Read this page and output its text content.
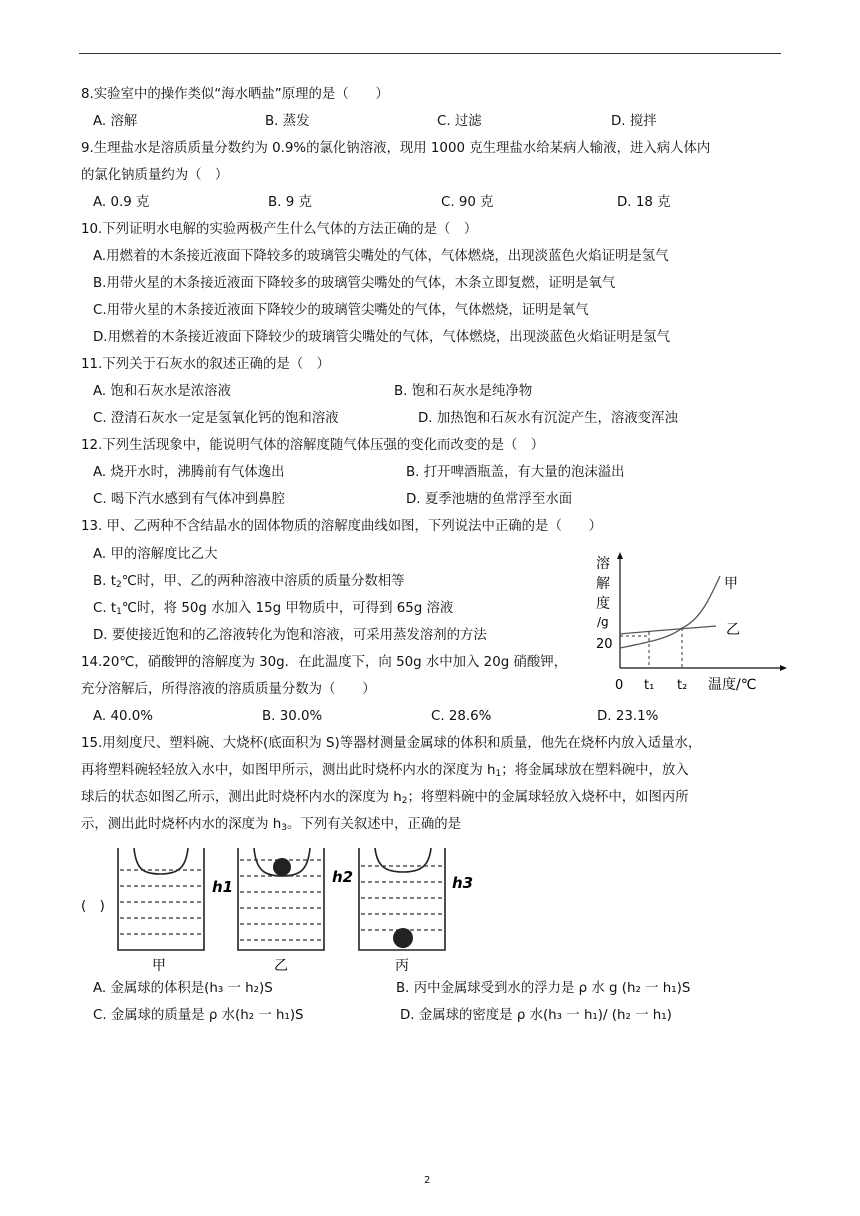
8.实验室中的操作类似“海水晒盐”原理的是（　　）
A. 溶解	B. 蒸发	C. 过滤	D. 搅拌
9.生理盐水是溶质质量分数约为 0.9%的氯化钠溶液，现用 1000 克生理盐水给某病人输液，进入病人体内
的氯化钠质量约为（　）
A. 0.9 克	B. 9 克	C. 90 克	D. 18 克
10.下列证明水电解的实验两极产生什么气体的方法正确的是（　）
A.用燃着的木条接近液面下降较多的玻璃管尖嘴处的气体，气体燃烧，出现淡蓝色火焰证明是氢气
B.用带火星的木条接近液面下降较多的玻璃管尖嘴处的气体，木条立即复燃，证明是氧气
C.用带火星的木条接近液面下降较少的玻璃管尖嘴处的气体，气体燃烧，证明是氧气
D.用燃着的木条接近液面下降较少的玻璃管尖嘴处的气体，气体燃烧，出现淡蓝色火焰证明是氢气
11.下列关于石灰水的叙述正确的是（　）
A. 饱和石灰水是浓溶液	B. 饱和石灰水是纯净物
C. 澄清石灰水一定是氢氧化钙的饱和溶液	D. 加热饱和石灰水有沉淀产生，溶液变浑浊
12.下列生活现象中，能说明气体的溶解度随气体压强的变化而改变的是（　）
A. 烧开水时，沸腾前有气体逸出	B. 打开啤酒瓶盖，有大量的泡沫溢出
C. 喝下汽水感到有气体冲到鼻腔	D. 夏季池塘的鱼常浮至水面
13. 甲、乙两种不含结晶水的固体物质的溶解度曲线如图，下列说法中正确的是（　　）
A. 甲的溶解度比乙大
B. $t_2℃$时，甲、乙的两种溶液中溶质的质量分数相等
C. $t_1℃$时，将 50g 水加入 15g 甲物质中，可得到 65g 溶液
D. 要使接近饱和的乙溶液转化为饱和溶液，可采用蒸发溶剂的方法
溶
解
度
/g
20
甲
乙
0 t₁ t₂ 温度/℃
14.20℃，硝酸钾的溶解度为 30g．在此温度下，向 50g 水中加入 20g 硝酸钾，
充分溶解后，所得溶液的溶质质量分数为（　　）
A. 40.0%	B. 30.0%	C. 28.6%	D. 23.1%
15.用刻度尺、塑料碗、大烧杯(底面积为 S)等器材测量金属球的体积和质量，他先在烧杯内放入适量水，
再将塑料碗轻轻放入水中，如图甲所示，测出此时烧杯内水的深度为 $h_1$；将金属球放在塑料碗中，放入
球后的状态如图乙所示，测出此时烧杯内水的深度为 $h_2$；将塑料碗中的金属球轻放入烧杯中，如图丙所
示，测出此时烧杯内水的深度为 $h_3$。下列有关叙述中，正确的是
(　)
h1
h2	h3
甲	乙	丙
A. 金属球的体积是(h₃ 一 h₂)S	B. 丙中金属球受到水的浮力是 ρ 水 g (h₂ 一 h₁)S
C. 金属球的质量是 ρ 水(h₂ 一 h₁)S	D. 金属球的密度是 ρ 水(h₃ 一 h₁)/ (h₂ 一 h₁)
2
